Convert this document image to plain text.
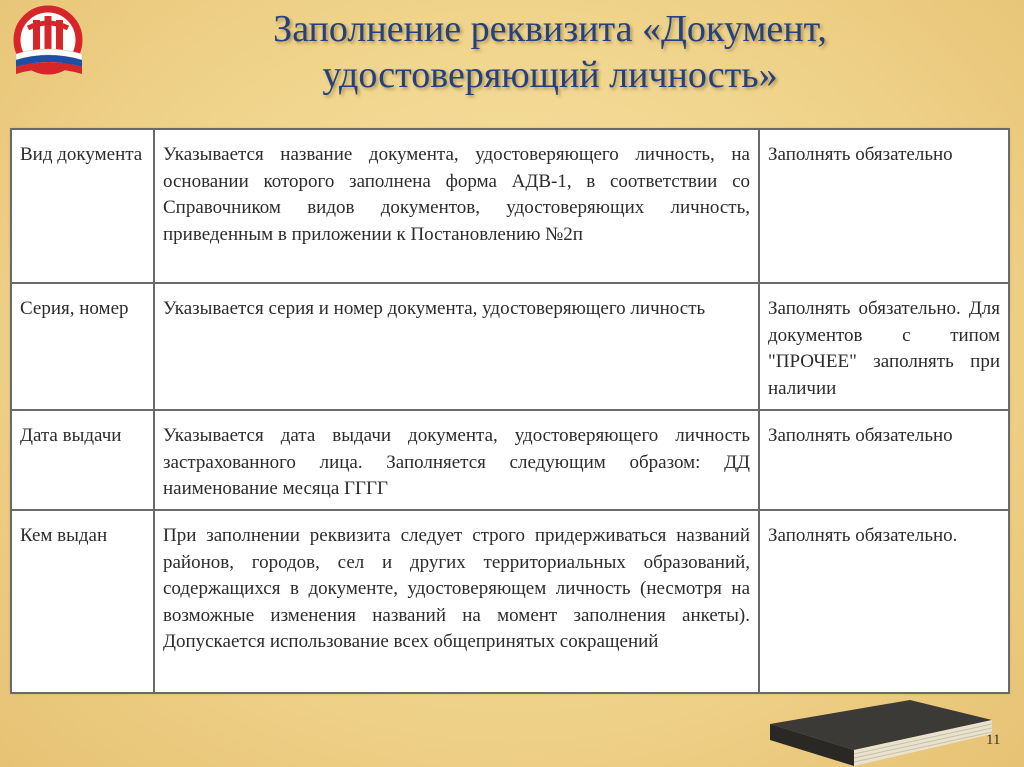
Заполнение реквизита «Документ,
удостоверяющий личность»
Вид документа	Указывается название документа, удостоверяющего личность, на основании которого заполнена форма АДВ-1, в соответствии со Справочником видов документов, удостоверяющих личность, приведенным в приложении к Постановлению №2п	Заполнять обязательно
Серия, номер	Указывается серия и номер документа, удостоверяющего личность	Заполнять обязательно. Для документов с типом "ПРОЧЕЕ" заполнять при наличии
Дата выдачи	Указывается дата выдачи документа, удостоверяющего личность застрахованного лица. Заполняется следующим образом: ДД наименование месяца ГГГГ	Заполнять обязательно
Кем выдан	При заполнении реквизита следует строго придерживаться названий районов, городов, сел и других территориальных образований, содержащихся в документе, удостоверяющем личность (несмотря на возможные изменения названий на момент заполнения анкеты). Допускается использование всех общепринятых сокращений	Заполнять обязательно.
11
